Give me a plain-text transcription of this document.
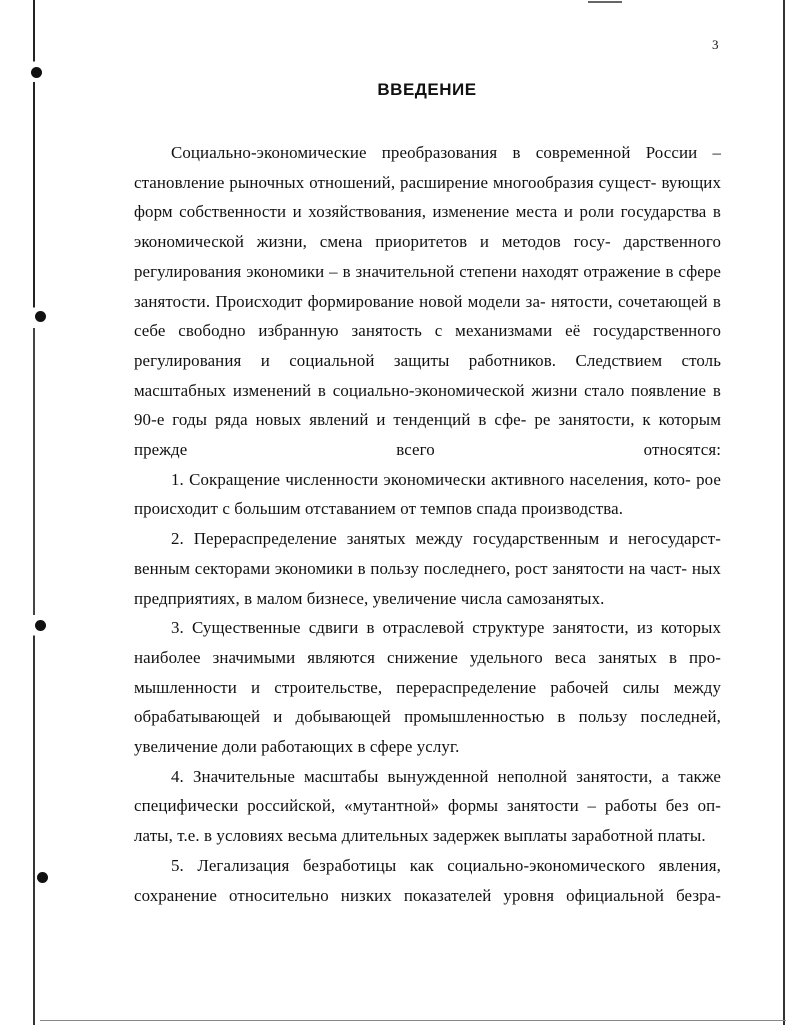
3
ВВЕДЕНИЕ

Социально-экономические преобразования в современной России – становление рыночных отношений, расширение многообразия сущест- вующих форм собственности и хозяйствования, изменение места и роли государства в экономической жизни, смена приоритетов и методов госу- дарственного регулирования экономики – в значительной степени находят отражение в сфере занятости. Происходит формирование новой модели за- нятости, сочетающей в себе свободно избранную занятость с механизмами её государственного регулирования и социальной защиты работников. Следствием столь масштабных изменений в социально-экономической жизни стало появление в 90-е годы ряда новых явлений и тенденций в сфе- ре занятости, к которым прежде всего относятся:

1. Сокращение численности экономически активного населения, кото- рое происходит с большим отставанием от темпов спада производства.

2. Перераспределение занятых между государственным и негосударст- венным секторами экономики в пользу последнего, рост занятости на част- ных предприятиях, в малом бизнесе, увеличение числа самозанятых.

3. Существенные сдвиги в отраслевой структуре занятости, из которых наиболее значимыми являются снижение удельного веса занятых в про- мышленности и строительстве, перераспределение рабочей силы между обрабатывающей и добывающей промышленностью в пользу последней, увеличение доли работающих в сфере услуг.

4. Значительные масштабы вынужденной неполной занятости, а также специфически российской, «мутантной» формы занятости – работы без оп- латы, т.е. в условиях весьма длительных задержек выплаты заработной платы.

5. Легализация безработицы как социально-экономического явления, сохранение относительно низких показателей уровня официальной безра-
